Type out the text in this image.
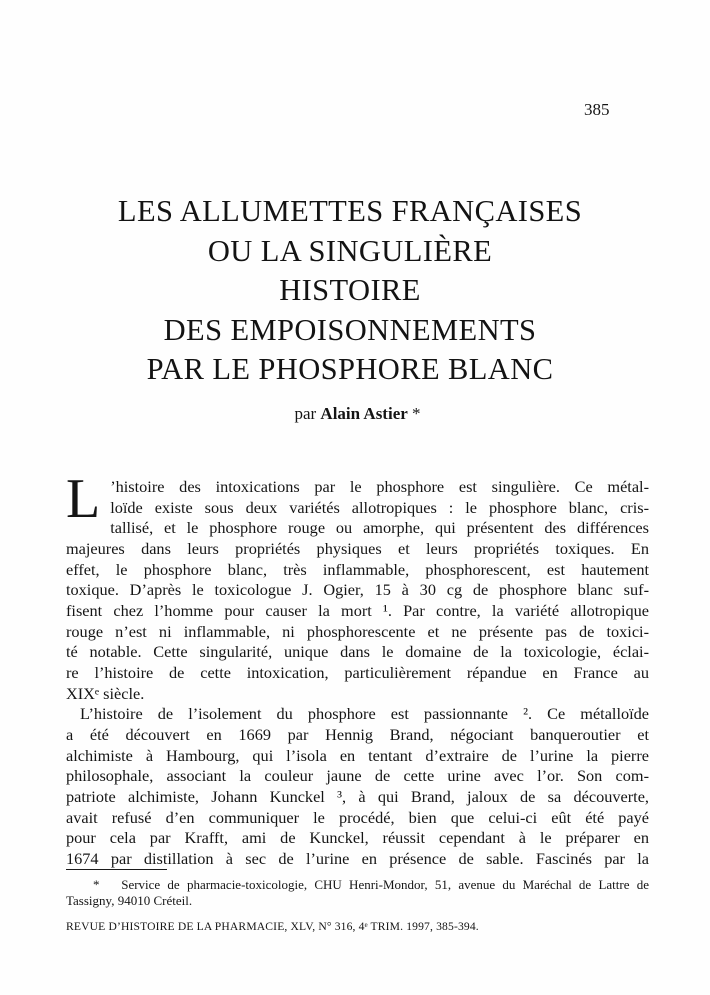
385
LES ALLUMETTES FRANÇAISES
OU LA SINGULIÈRE
HISTOIRE
DES EMPOISONNEMENTS
PAR LE PHOSPHORE BLANC
par Alain Astier *
L ’histoire des intoxications par le phosphore est singulière. Ce métal-
loïde existe sous deux variétés allotropiques : le phosphore blanc, cris-
tallisé, et le phosphore rouge ou amorphe, qui présentent des différences
majeures dans leurs propriétés physiques et leurs propriétés toxiques. En
effet, le phosphore blanc, très inflammable, phosphorescent, est hautement
toxique. D’après le toxicologue J. Ogier, 15 à 30 cg de phosphore blanc suf-
fisent chez l’homme pour causer la mort ¹. Par contre, la variété allotropique
rouge n’est ni inflammable, ni phosphorescente et ne présente pas de toxici-
té notable. Cette singularité, unique dans le domaine de la toxicologie, éclai-
re l’histoire de cette intoxication, particulièrement répandue en France au
XIXᵉ siècle.
L’histoire de l’isolement du phosphore est passionnante ². Ce métalloïde
a été découvert en 1669 par Hennig Brand, négociant banqueroutier et
alchimiste à Hambourg, qui l’isola en tentant d’extraire de l’urine la pierre
philosophale, associant la couleur jaune de cette urine avec l’or. Son com-
patriote alchimiste, Johann Kunckel ³, à qui Brand, jaloux de sa découverte,
avait refusé d’en communiquer le procédé, bien que celui-ci eût été payé
pour cela par Krafft, ami de Kunckel, réussit cependant à le préparer en
1674 par distillation à sec de l’urine en présence de sable. Fascinés par la
*   Service de pharmacie-toxicologie, CHU Henri-Mondor, 51, avenue du Maréchal de Lattre de
Tassigny, 94010 Créteil.
REVUE D’HISTOIRE DE LA PHARMACIE, XLV, N° 316, 4ᵉ TRIM. 1997, 385-394.
